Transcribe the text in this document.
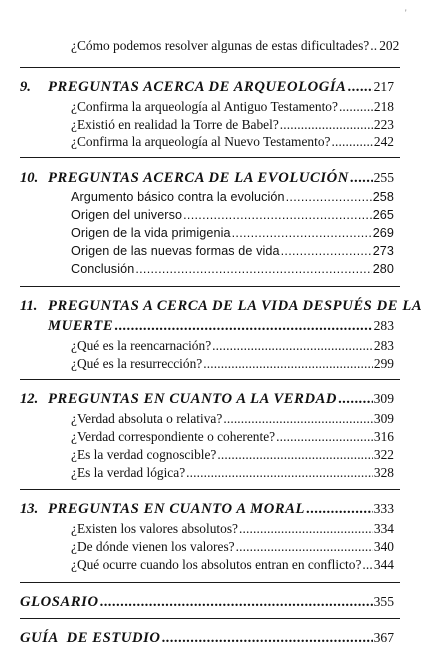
'
¿Cómo podemos resolver algunas de estas dificultades? . . . 202
9.	PREGUNTAS ACERCA DE ARQUEOLOGÍA . . . 217
¿Confirma la arqueología al Antiguo Testamento? . . .	218
¿Existió en realidad la Torre de Babel? . . .	223
¿Confirma la arqueología al Nuevo Testamento? . . .	242
10. PREGUNTAS ACERCA DE LA EVOLUCIÓN . . . 255
Argumento básico contra la evolución . . .	258
Origen del universo . . .	265
Origen de la vida primigenia . . .	269
Origen de las nuevas formas de vida . . .	273
Conclusión . . .	280
11. PREGUNTAS A CERCA DE LA VIDA DESPUÉS DE LA
MUERTE . . .	283
¿Qué es la reencarnación? . . .	283
¿Qué es la resurrección? . . .	299
12. PREGUNTAS EN CUANTO A LA VERDAD . . .	309
¿Verdad absoluta o relativa? . . .	309
¿Verdad correspondiente o coherente? . . .	316
¿Es la verdad cognoscible? . . .	322
¿Es la verdad lógica? . . .	328
13. PREGUNTAS EN CUANTO A MORAL . . .	333
¿Existen los valores absolutos? . . .	334
¿De dónde vienen los valores? . . .	340
¿Qué ocurre cuando los absolutos entran en conflicto? . . . 344
GLOSARIO . . .	355
GUÍA  DE ESTUDIO . . .	367
